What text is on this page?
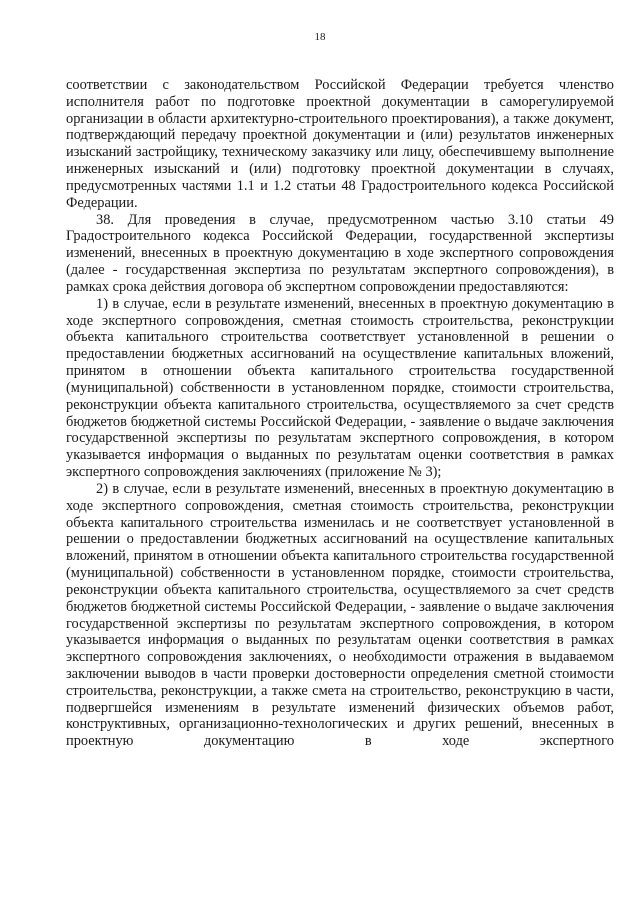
18

соответствии с законодательством Российской Федерации требуется членство исполнителя работ по подготовке проектной документации в саморегулируемой организации в области архитектурно-строительного проектирования), а также документ, подтверждающий передачу проектной документации и (или) результатов инженерных изысканий застройщику, техническому заказчику или лицу, обеспечившему выполнение инженерных изысканий и (или) подготовку проектной документации в случаях, предусмотренных частями 1.1 и 1.2 статьи 48 Градостроительного кодекса Российской Федерации.

38. Для проведения в случае, предусмотренном частью 3.10 статьи 49 Градостроительного кодекса Российской Федерации, государственной экспертизы изменений, внесенных в проектную документацию в ходе экспертного сопровождения (далее - государственная экспертиза по результатам экспертного сопровождения), в рамках срока действия договора об экспертном сопровождении предоставляются:

1) в случае, если в результате изменений, внесенных в проектную документацию в ходе экспертного сопровождения, сметная стоимость строительства, реконструкции объекта капитального строительства соответствует установленной в решении о предоставлении бюджетных ассигнований на осуществление капитальных вложений, принятом в отношении объекта капитального строительства государственной (муниципальной) собственности в установленном порядке, стоимости строительства, реконструкции объекта капитального строительства, осуществляемого за счет средств бюджетов бюджетной системы Российской Федерации, - заявление о выдаче заключения государственной экспертизы по результатам экспертного сопровождения, в котором указывается информация о выданных по результатам оценки соответствия в рамках экспертного сопровождения заключениях (приложение № 3);

2) в случае, если в результате изменений, внесенных в проектную документацию в ходе экспертного сопровождения, сметная стоимость строительства, реконструкции объекта капитального строительства изменилась и не соответствует установленной в решении о предоставлении бюджетных ассигнований на осуществление капитальных вложений, принятом в отношении объекта капитального строительства государственной (муниципальной) собственности в установленном порядке, стоимости строительства, реконструкции объекта капитального строительства, осуществляемого за счет средств бюджетов бюджетной системы Российской Федерации, - заявление о выдаче заключения государственной экспертизы по результатам экспертного сопровождения, в котором указывается информация о выданных по результатам оценки соответствия в рамках экспертного сопровождения заключениях, о необходимости отражения в выдаваемом заключении выводов в части проверки достоверности определения сметной стоимости строительства, реконструкции, а также смета на строительство, реконструкцию в части, подвергшейся изменениям в результате изменений физических объемов работ, конструктивных, организационно-технологических и других решений, внесенных в проектную документацию в ходе экспертного
